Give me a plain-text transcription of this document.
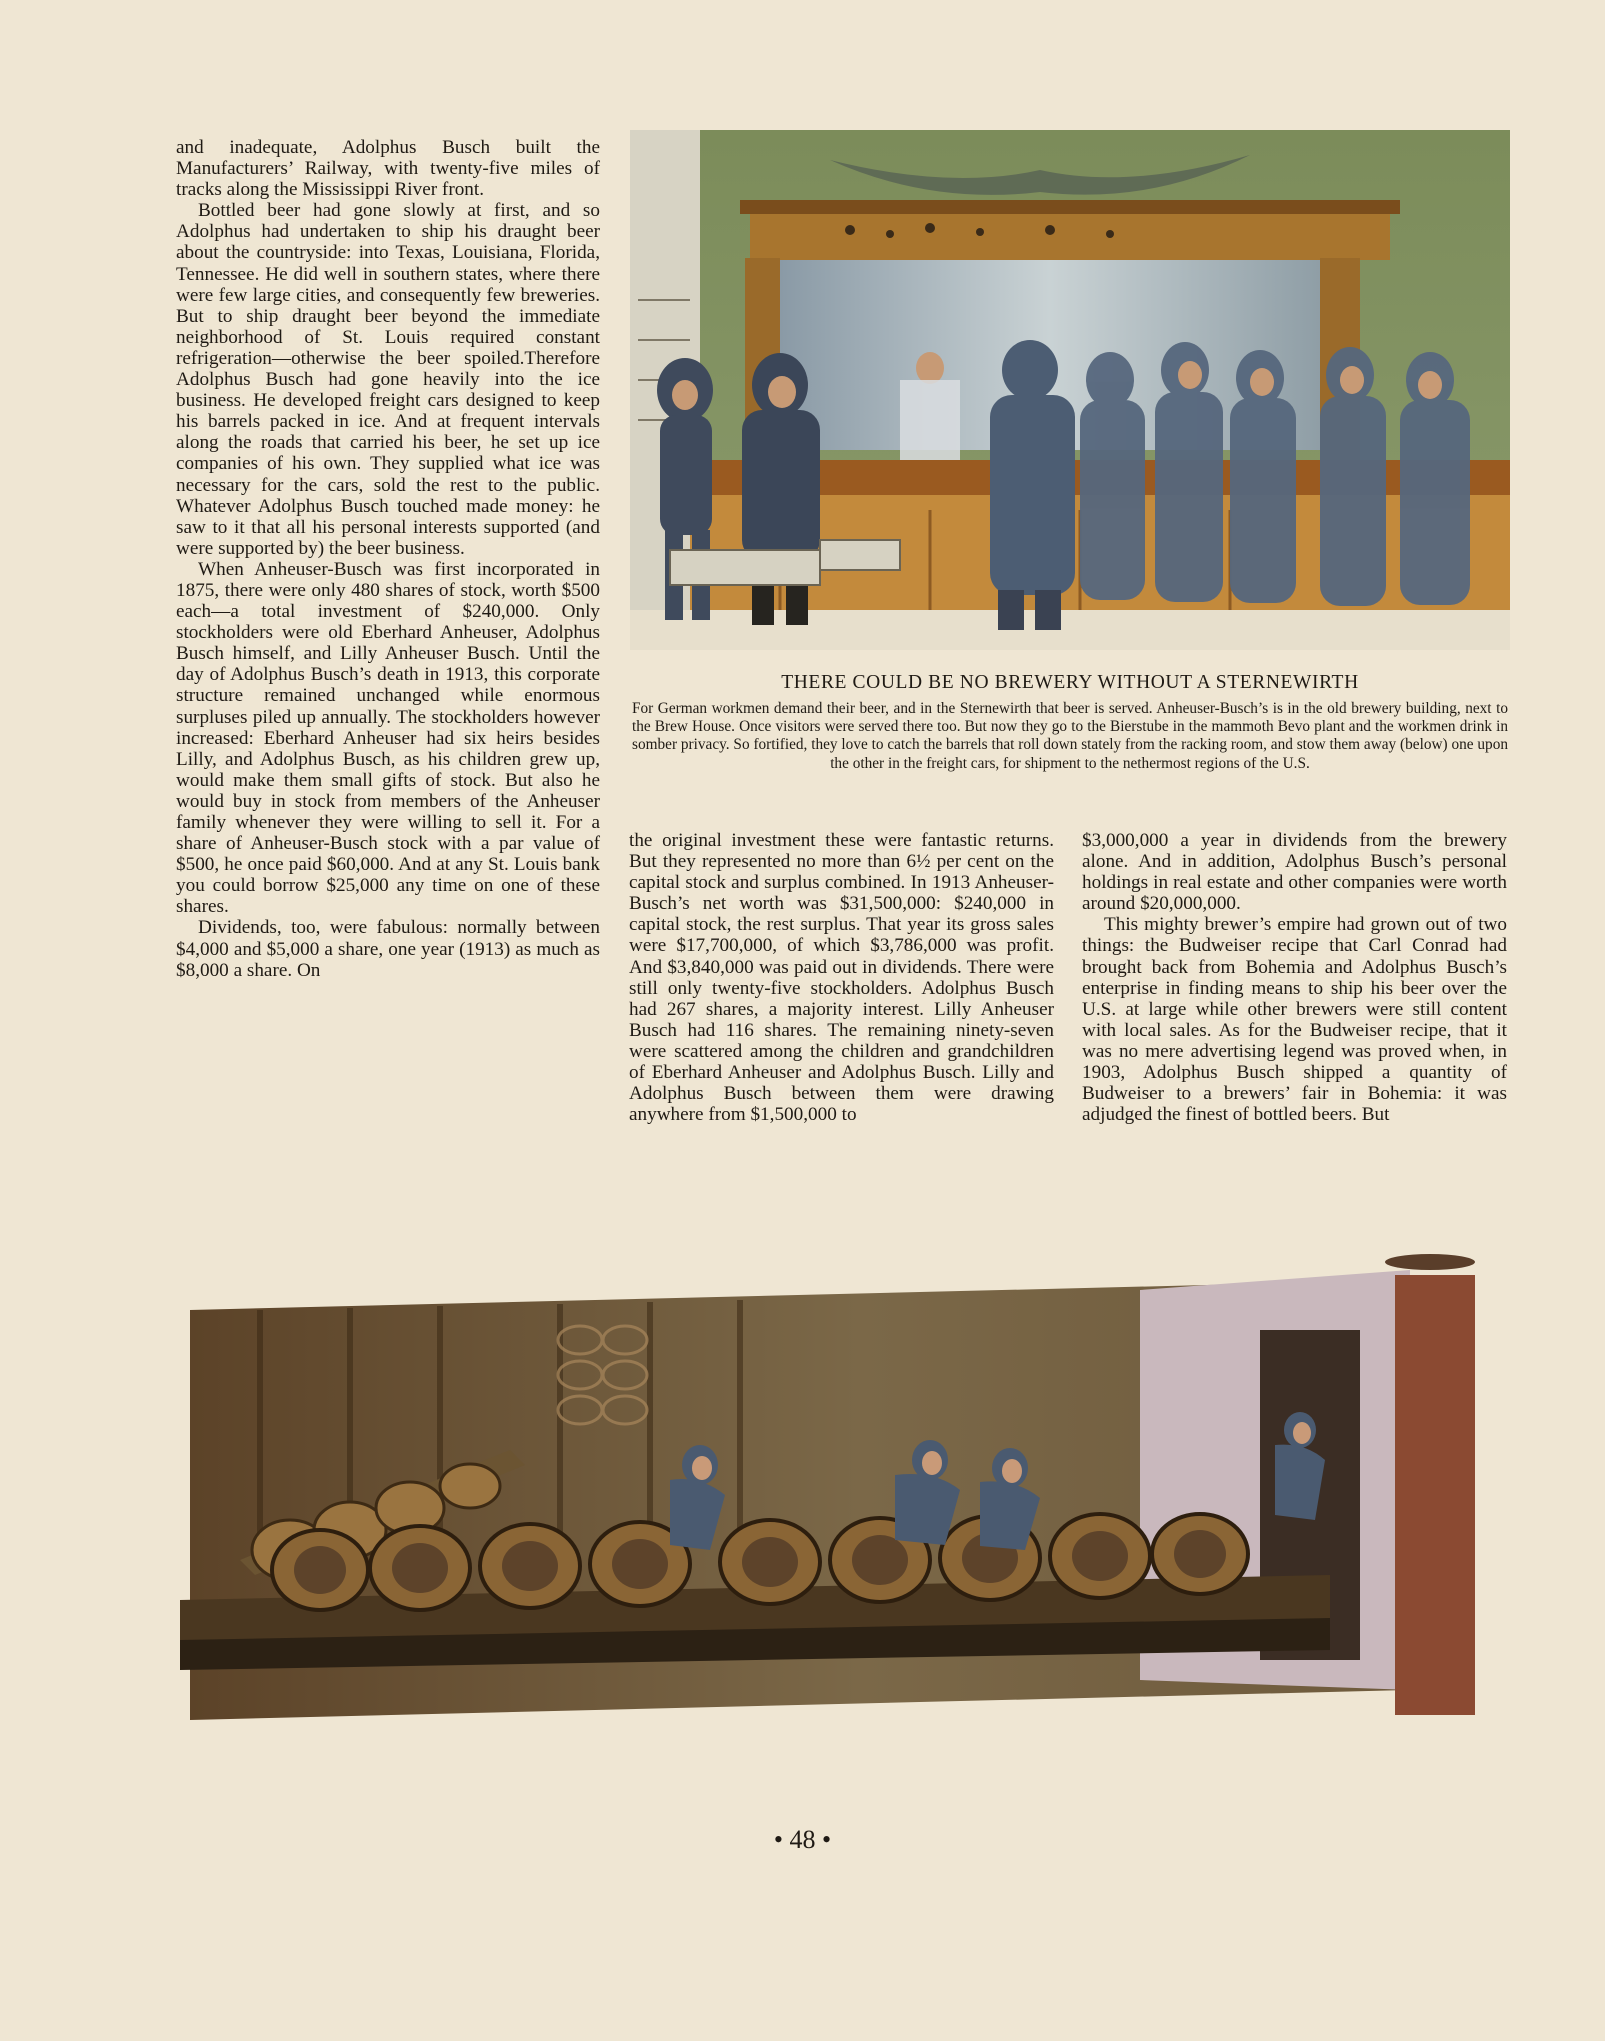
and inadequate, Adolphus Busch built the Manufacturers’ Railway, with twenty-five miles of tracks along the Mississippi River front.

Bottled beer had gone slowly at first, and so Adolphus had undertaken to ship his draught beer about the countryside: into Texas, Louisiana, Florida, Tennessee. He did well in southern states, where there were few large cities, and consequently few breweries. But to ship draught beer beyond the immediate neighborhood of St. Louis required constant refrigeration—otherwise the beer spoiled.Therefore Adolphus Busch had gone heavily into the ice business. He developed freight cars designed to keep his barrels packed in ice. And at frequent intervals along the roads that carried his beer, he set up ice companies of his own. They supplied what ice was necessary for the cars, sold the rest to the public. Whatever Adolphus Busch touched made money: he saw to it that all his personal interests supported (and were supported by) the beer business.

When Anheuser-Busch was first incorporated in 1875, there were only 480 shares of stock, worth $500 each—a total investment of $240,000. Only stockholders were old Eberhard Anheuser, Adolphus Busch himself, and Lilly Anheuser Busch. Until the day of Adolphus Busch’s death in 1913, this corporate structure remained unchanged while enormous surpluses piled up annually. The stockholders however increased: Eberhard Anheuser had six heirs besides Lilly, and Adolphus Busch, as his children grew up, would make them small gifts of stock. But also he would buy in stock from members of the Anheuser family whenever they were willing to sell it. For a share of Anheuser-Busch stock with a par value of $500, he once paid $60,000. And at any St. Louis bank you could borrow $25,000 any time on one of these shares.

Dividends, too, were fabulous: normally between $4,000 and $5,000 a share, one year (1913) as much as $8,000 a share. On

THERE COULD BE NO BREWERY WITHOUT A STERNEWIRTH

For German workmen demand their beer, and in the Sternewirth that beer is served. Anheuser-Busch’s is in the old brewery building, next to the Brew House. Once visitors were served there too. But now they go to the Bierstube in the mammoth Bevo plant and the workmen drink in somber privacy. So fortified, they love to catch the barrels that roll down stately from the racking room, and stow them away (below) one upon the other in the freight cars, for shipment to the nethermost regions of the U.S.

the original investment these were fantastic returns. But they represented no more than 6½ per cent on the capital stock and surplus combined. In 1913 Anheuser-Busch’s net worth was $31,500,000: $240,000 in capital stock, the rest surplus. That year its gross sales were $17,700,000, of which $3,786,000 was profit. And $3,840,000 was paid out in dividends. There were still only twenty-five stockholders. Adolphus Busch had 267 shares, a majority interest. Lilly Anheuser Busch had 116 shares. The remaining ninety-seven were scattered among the children and grandchildren of Eberhard Anheuser and Adolphus Busch. Lilly and Adolphus Busch between them were drawing anywhere from $1,500,000 to

$3,000,000 a year in dividends from the brewery alone. And in addition, Adolphus Busch’s personal holdings in real estate and other companies were worth around $20,000,000.

This mighty brewer’s empire had grown out of two things: the Budweiser recipe that Carl Conrad had brought back from Bohemia and Adolphus Busch’s enterprise in finding means to ship his beer over the U.S. at large while other brewers were still content with local sales. As for the Budweiser recipe, that it was no mere advertising legend was proved when, in 1903, Adolphus Busch shipped a quantity of Budweiser to a brewers’ fair in Bohemia: it was adjudged the finest of bottled beers. But

• 48 •
